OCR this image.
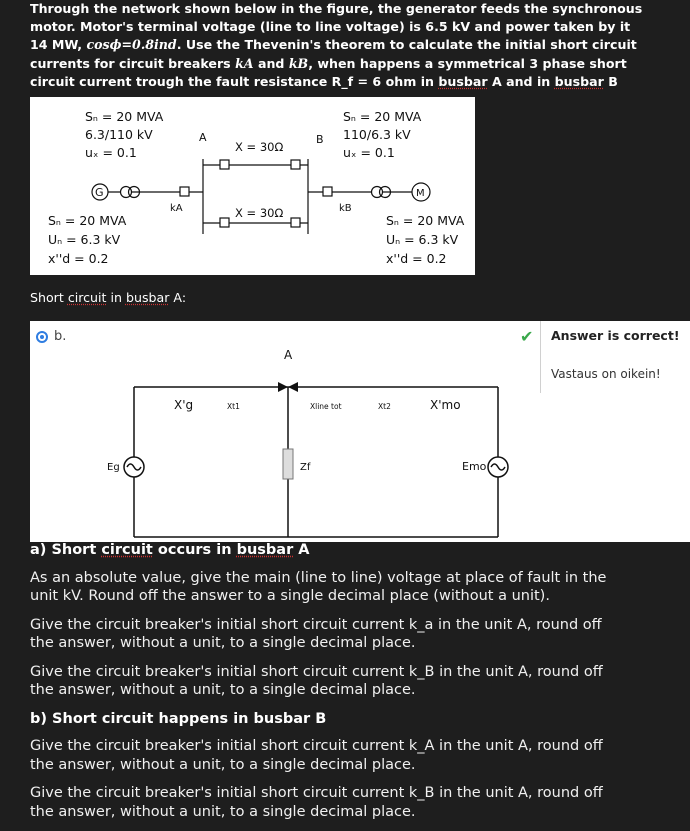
Through the network shown below in the figure, the generator feeds the synchronous motor. Motor's terminal voltage (line to line voltage) is 6.5 kV and power taken by it 14 MW, cosϕ=0.8ind. Use the Thevenin's theorem to calculate the initial short circuit currents for circuit breakers kA and kB, when happens a symmetrical 3 phase short circuit current trough the fault resistance R_f = 6 ohm in busbar A and in busbar B
Sₙ = 20 MVA
6.3/110 kV
uₓ = 0.1
Sₙ = 20 MVA
110/6.3 kV
uₓ = 0.1
A	B
X = 30Ω
X = 30Ω
G	M
kA	kB
Sₙ = 20 MVA
Uₙ = 6.3 kV
x''d = 0.2
Sₙ = 20 MVA
Uₙ = 6.3 kV
x''d = 0.2
Short circuit in busbar A:
b.
A
X'g	Xt1	Xline tot	Xt2	X'mo
Eg	Zf	Emo
✔ Answer is correct!
Vastaus on oikein!
a) Short circuit occurs in busbar A

As an absolute value, give the main (line to line) voltage at place of fault in the unit kV. Round off the answer to a single decimal place (without a unit).

Give the circuit breaker's initial short circuit current k_a in the unit A, round off the answer, without a unit, to a single decimal place.

Give the circuit breaker's initial short circuit current k_B in the unit A, round off the answer, without a unit, to a single decimal place.

b) Short circuit happens in busbar B

Give the circuit breaker's initial short circuit current k_A in the unit A, round off the answer, without a unit, to a single decimal place.

Give the circuit breaker's initial short circuit current k_B in the unit A, round off the answer, without a unit, to a single decimal place.
